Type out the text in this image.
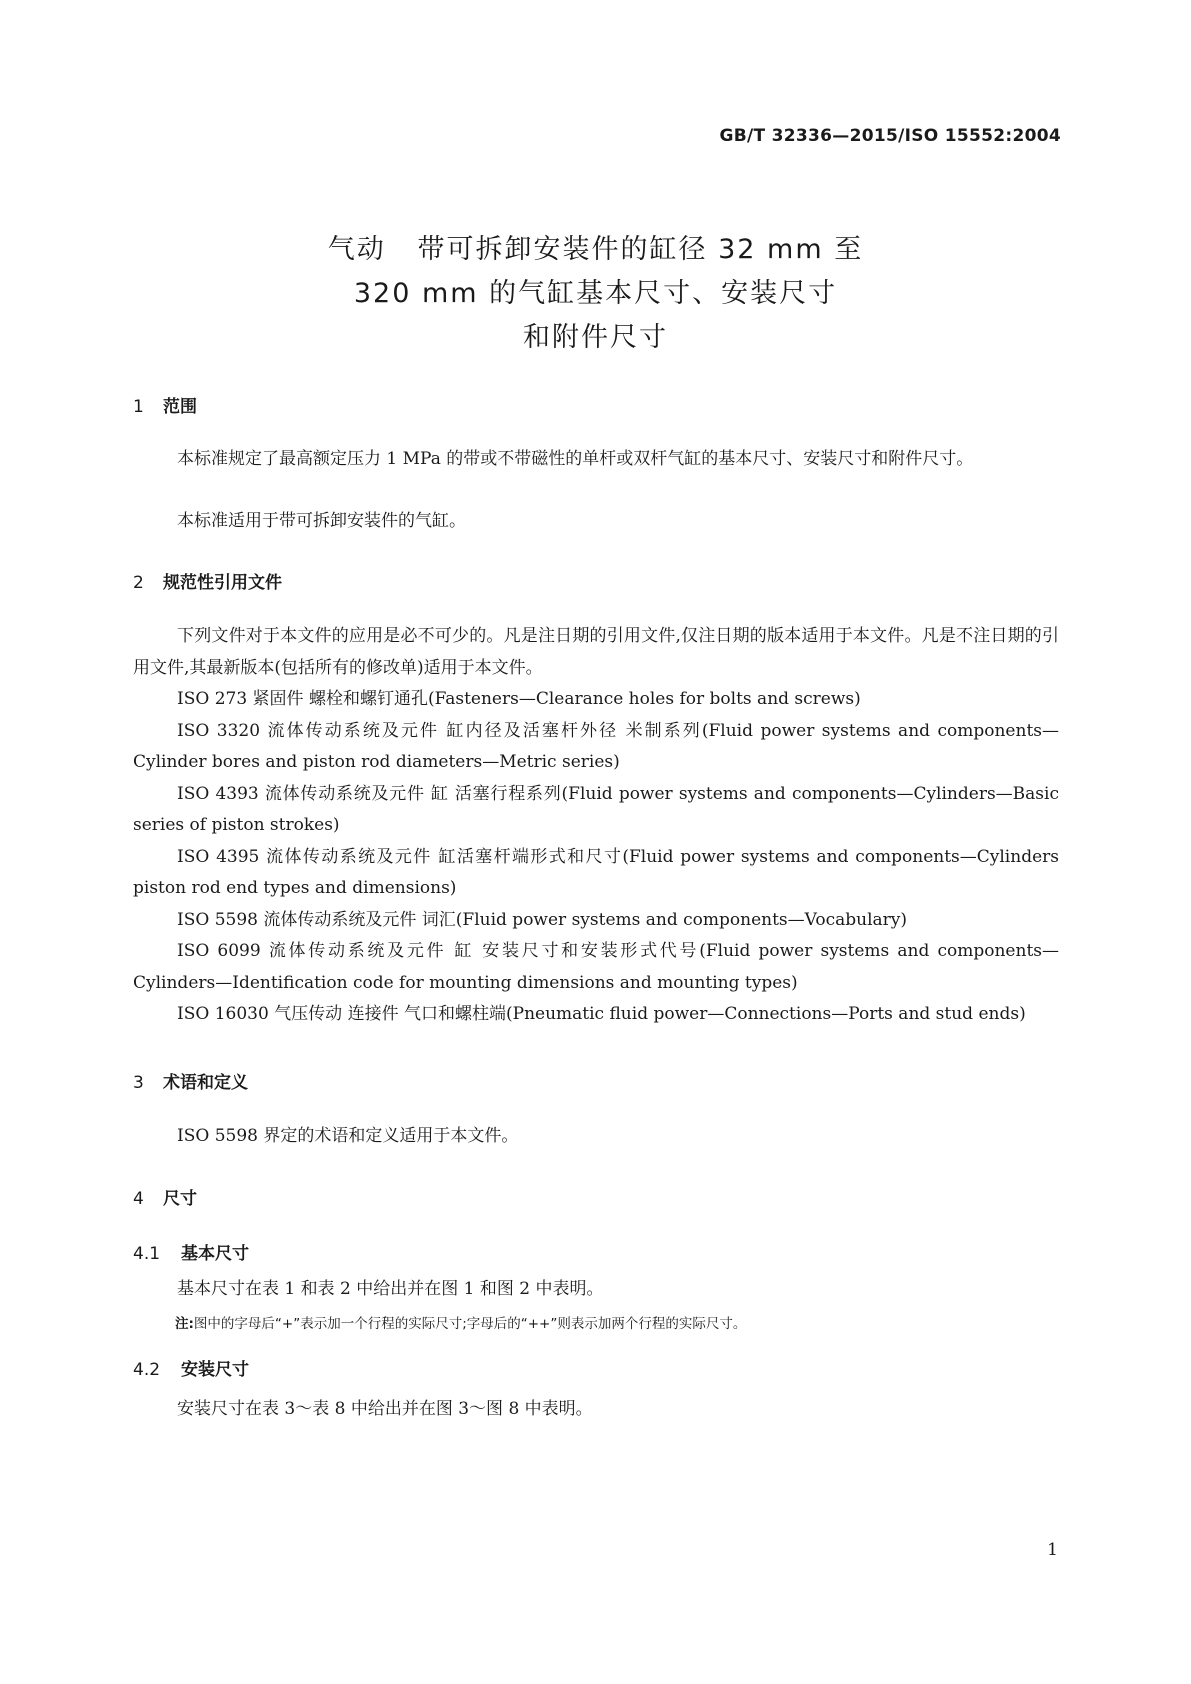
GB/T 32336—2015/ISO 15552:2004
气动   带可拆卸安装件的缸径 32 mm 至
320 mm 的气缸基本尺寸、安装尺寸
和附件尺寸
1 范围
本标准规定了最高额定压力 1 MPa 的带或不带磁性的单杆或双杆气缸的基本尺寸、安装尺寸和附件尺寸。
本标准适用于带可拆卸安装件的气缸。
2 规范性引用文件
下列文件对于本文件的应用是必不可少的。凡是注日期的引用文件,仅注日期的版本适用于本文件。凡是不注日期的引用文件,其最新版本(包括所有的修改单)适用于本文件。
ISO 273 紧固件 螺栓和螺钉通孔(Fasteners—Clearance holes for bolts and screws)
ISO 3320 流体传动系统及元件 缸内径及活塞杆外径 米制系列(Fluid power systems and components—Cylinder bores and piston rod diameters—Metric series)
ISO 4393 流体传动系统及元件 缸 活塞行程系列(Fluid power systems and components—Cylinders—Basic series of piston strokes)
ISO 4395 流体传动系统及元件 缸活塞杆端形式和尺寸(Fluid power systems and components—Cylinders piston rod end types and dimensions)
ISO 5598 流体传动系统及元件 词汇(Fluid power systems and components—Vocabulary)
ISO 6099 流体传动系统及元件 缸 安装尺寸和安装形式代号(Fluid power systems and components—Cylinders—Identification code for mounting dimensions and mounting types)
ISO 16030 气压传动 连接件 气口和螺柱端(Pneumatic fluid power—Connections—Ports and stud ends)
3 术语和定义
ISO 5598 界定的术语和定义适用于本文件。
4 尺寸
4.1 基本尺寸
基本尺寸在表 1 和表 2 中给出并在图 1 和图 2 中表明。
注:图中的字母后“+”表示加一个行程的实际尺寸;字母后的“++”则表示加两个行程的实际尺寸。
4.2 安装尺寸
安装尺寸在表 3～表 8 中给出并在图 3～图 8 中表明。
1
